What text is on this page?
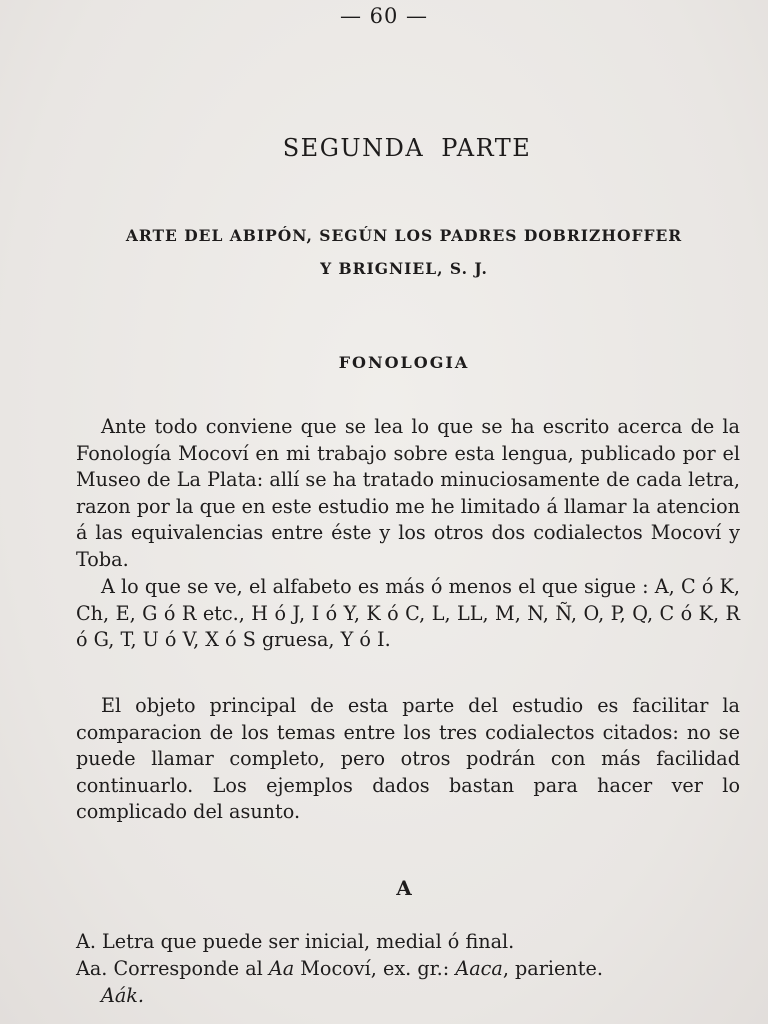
— 60 —
SEGUNDA PARTE
ARTE DEL ABIPÓN, SEGÚN LOS PADRES DOBRIZHOFFER
Y BRIGNIEL, S. J.
FONOLOGIA

Ante todo conviene que se lea lo que se ha escrito acerca de la Fonología Mocoví en mi trabajo sobre esta lengua, publicado por el Museo de La Plata: allí se ha tratado minuciosamente de cada letra, razon por la que en este estudio me he limitado á llamar la atencion á las equivalencias entre éste y los otros dos codialectos Mocoví y Toba.

A lo que se ve, el alfabeto es más ó menos el que sigue : A, C ó K, Ch, E, G ó R etc., H ó J, I ó Y, K ó C, L, LL, M, N, Ñ, O, P, Q, C ó K, R ó G, T, U ó V, X ó S gruesa, Y ó I.

El objeto principal de esta parte del estudio es facilitar la comparacion de los temas entre los tres codialectos citados: no se puede llamar completo, pero otros podrán con más facilidad continuarlo. Los ejemplos dados bastan para hacer ver lo complicado del asunto.

A

A. Letra que puede ser inicial, medial ó final.

Aa. Corresponde al Aa Mocoví, ex. gr.: Aaca, pariente.

Aák.
